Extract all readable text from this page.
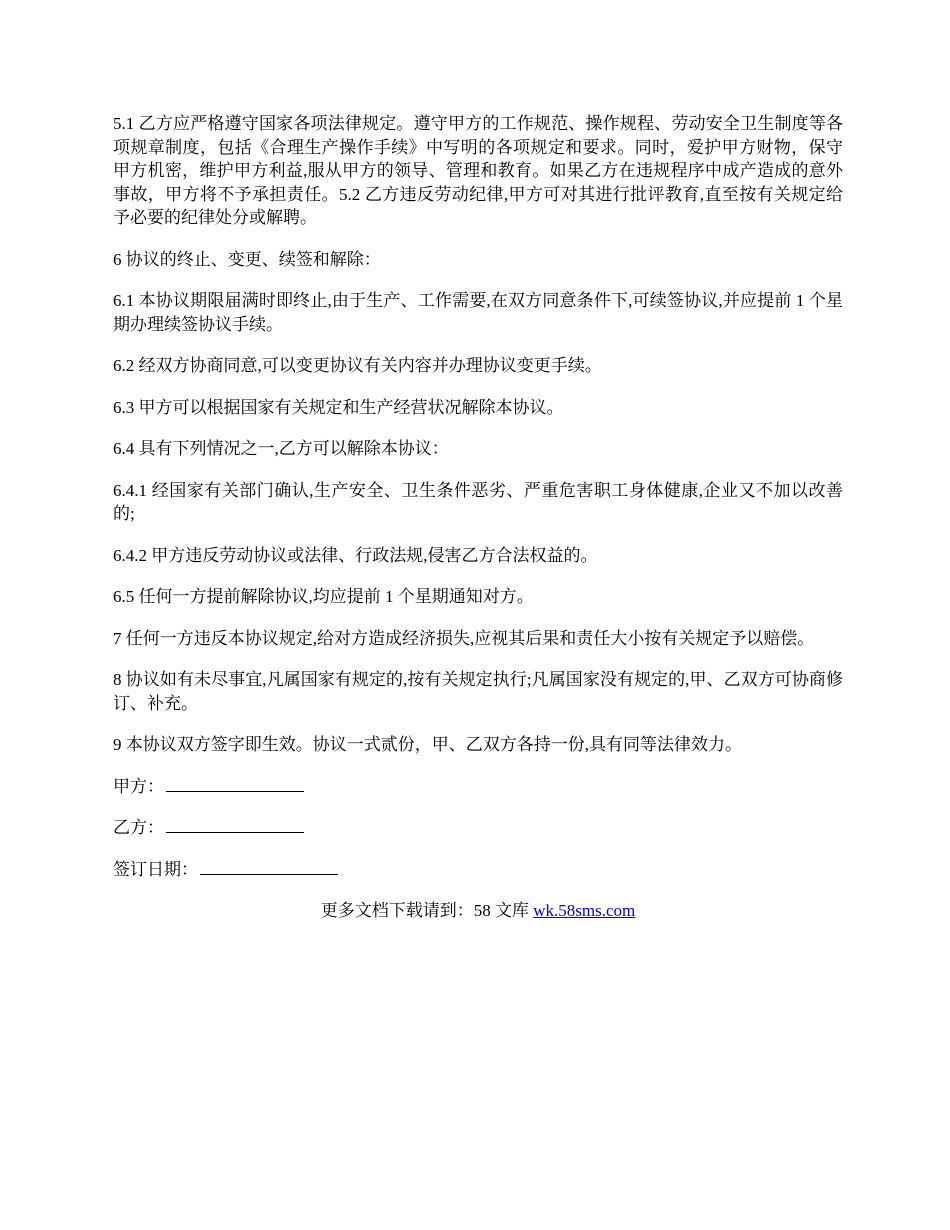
5.1 乙方应严格遵守国家各项法律规定。遵守甲方的工作规范、操作规程、劳动安全卫生制度等各项规章制度，包括《合理生产操作手续》中写明的各项规定和要求。同时，爱护甲方财物，保守甲方机密，维护甲方利益,服从甲方的领导、管理和教育。如果乙方在违规程序中成产造成的意外事故，甲方将不予承担责任。5.2 乙方违反劳动纪律,甲方可对其进行批评教育,直至按有关规定给予必要的纪律处分或解聘。

6 协议的终止、变更、续签和解除：

6.1 本协议期限届满时即终止,由于生产、工作需要,在双方同意条件下,可续签协议,并应提前 1 个星期办理续签协议手续。

6.2 经双方协商同意,可以变更协议有关内容并办理协议变更手续。

6.3 甲方可以根据国家有关规定和生产经营状况解除本协议。

6.4 具有下列情况之一,乙方可以解除本协议：

6.4.1 经国家有关部门确认,生产安全、卫生条件恶劣、严重危害职工身体健康,企业又不加以改善的;

6.4.2 甲方违反劳动协议或法律、行政法规,侵害乙方合法权益的。

6.5 任何一方提前解除协议,均应提前 1 个星期通知对方。

7 任何一方违反本协议规定,给对方造成经济损失,应视其后果和责任大小按有关规定予以赔偿。

8 协议如有未尽事宜,凡属国家有规定的,按有关规定执行;凡属国家没有规定的,甲、乙双方可协商修订、补充。

9 本协议双方签字即生效。协议一式贰份，甲、乙双方各持一份,具有同等法律效力。

甲方：

乙方：

签订日期：

更多文档下载请到：58 文库 wk.58sms.com
